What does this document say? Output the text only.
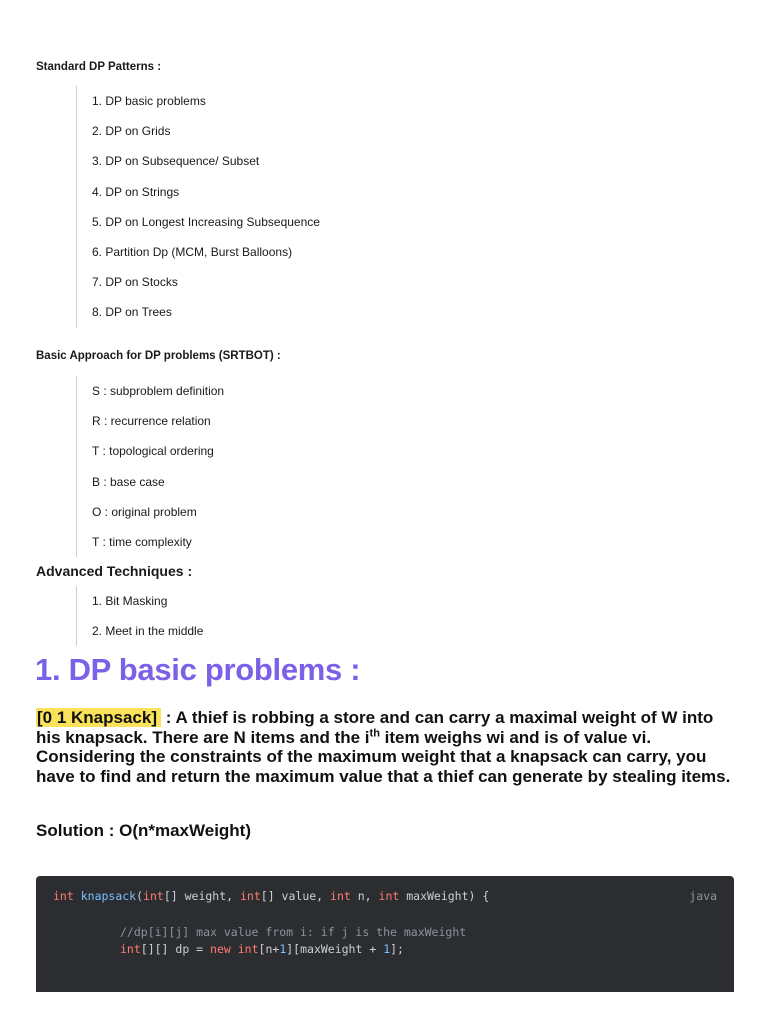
Standard DP Patterns :
1. DP basic problems
2. DP on Grids
3. DP on Subsequence/ Subset
4. DP on Strings
5. DP on Longest Increasing Subsequence
6. Partition Dp (MCM, Burst Balloons)
7. DP on Stocks
8. DP on Trees
Basic Approach for DP problems (SRTBOT) :
S : subproblem definition
R : recurrence relation
T : topological ordering
B : base case
O : original problem
T : time complexity
Advanced Techniques :
1. Bit Masking
2. Meet in the middle
1. DP basic problems :

[0 1 Knapsack] : A thief is robbing a store and can carry a maximal weight of W into his knapsack. There are N items and the $i^{th}$ item weighs wi and is of value vi. Considering the constraints of the maximum weight that a knapsack can carry, you have to find and return the maximum value that a thief can generate by stealing items.

Solution : O(n*maxWeight)

int knapsack(int[] weight, int[] value, int n, int maxWeight) {	java
//dp[i][j] max value from i: if j is the maxWeight
int[][] dp = new int[n+1][maxWeight + 1];
